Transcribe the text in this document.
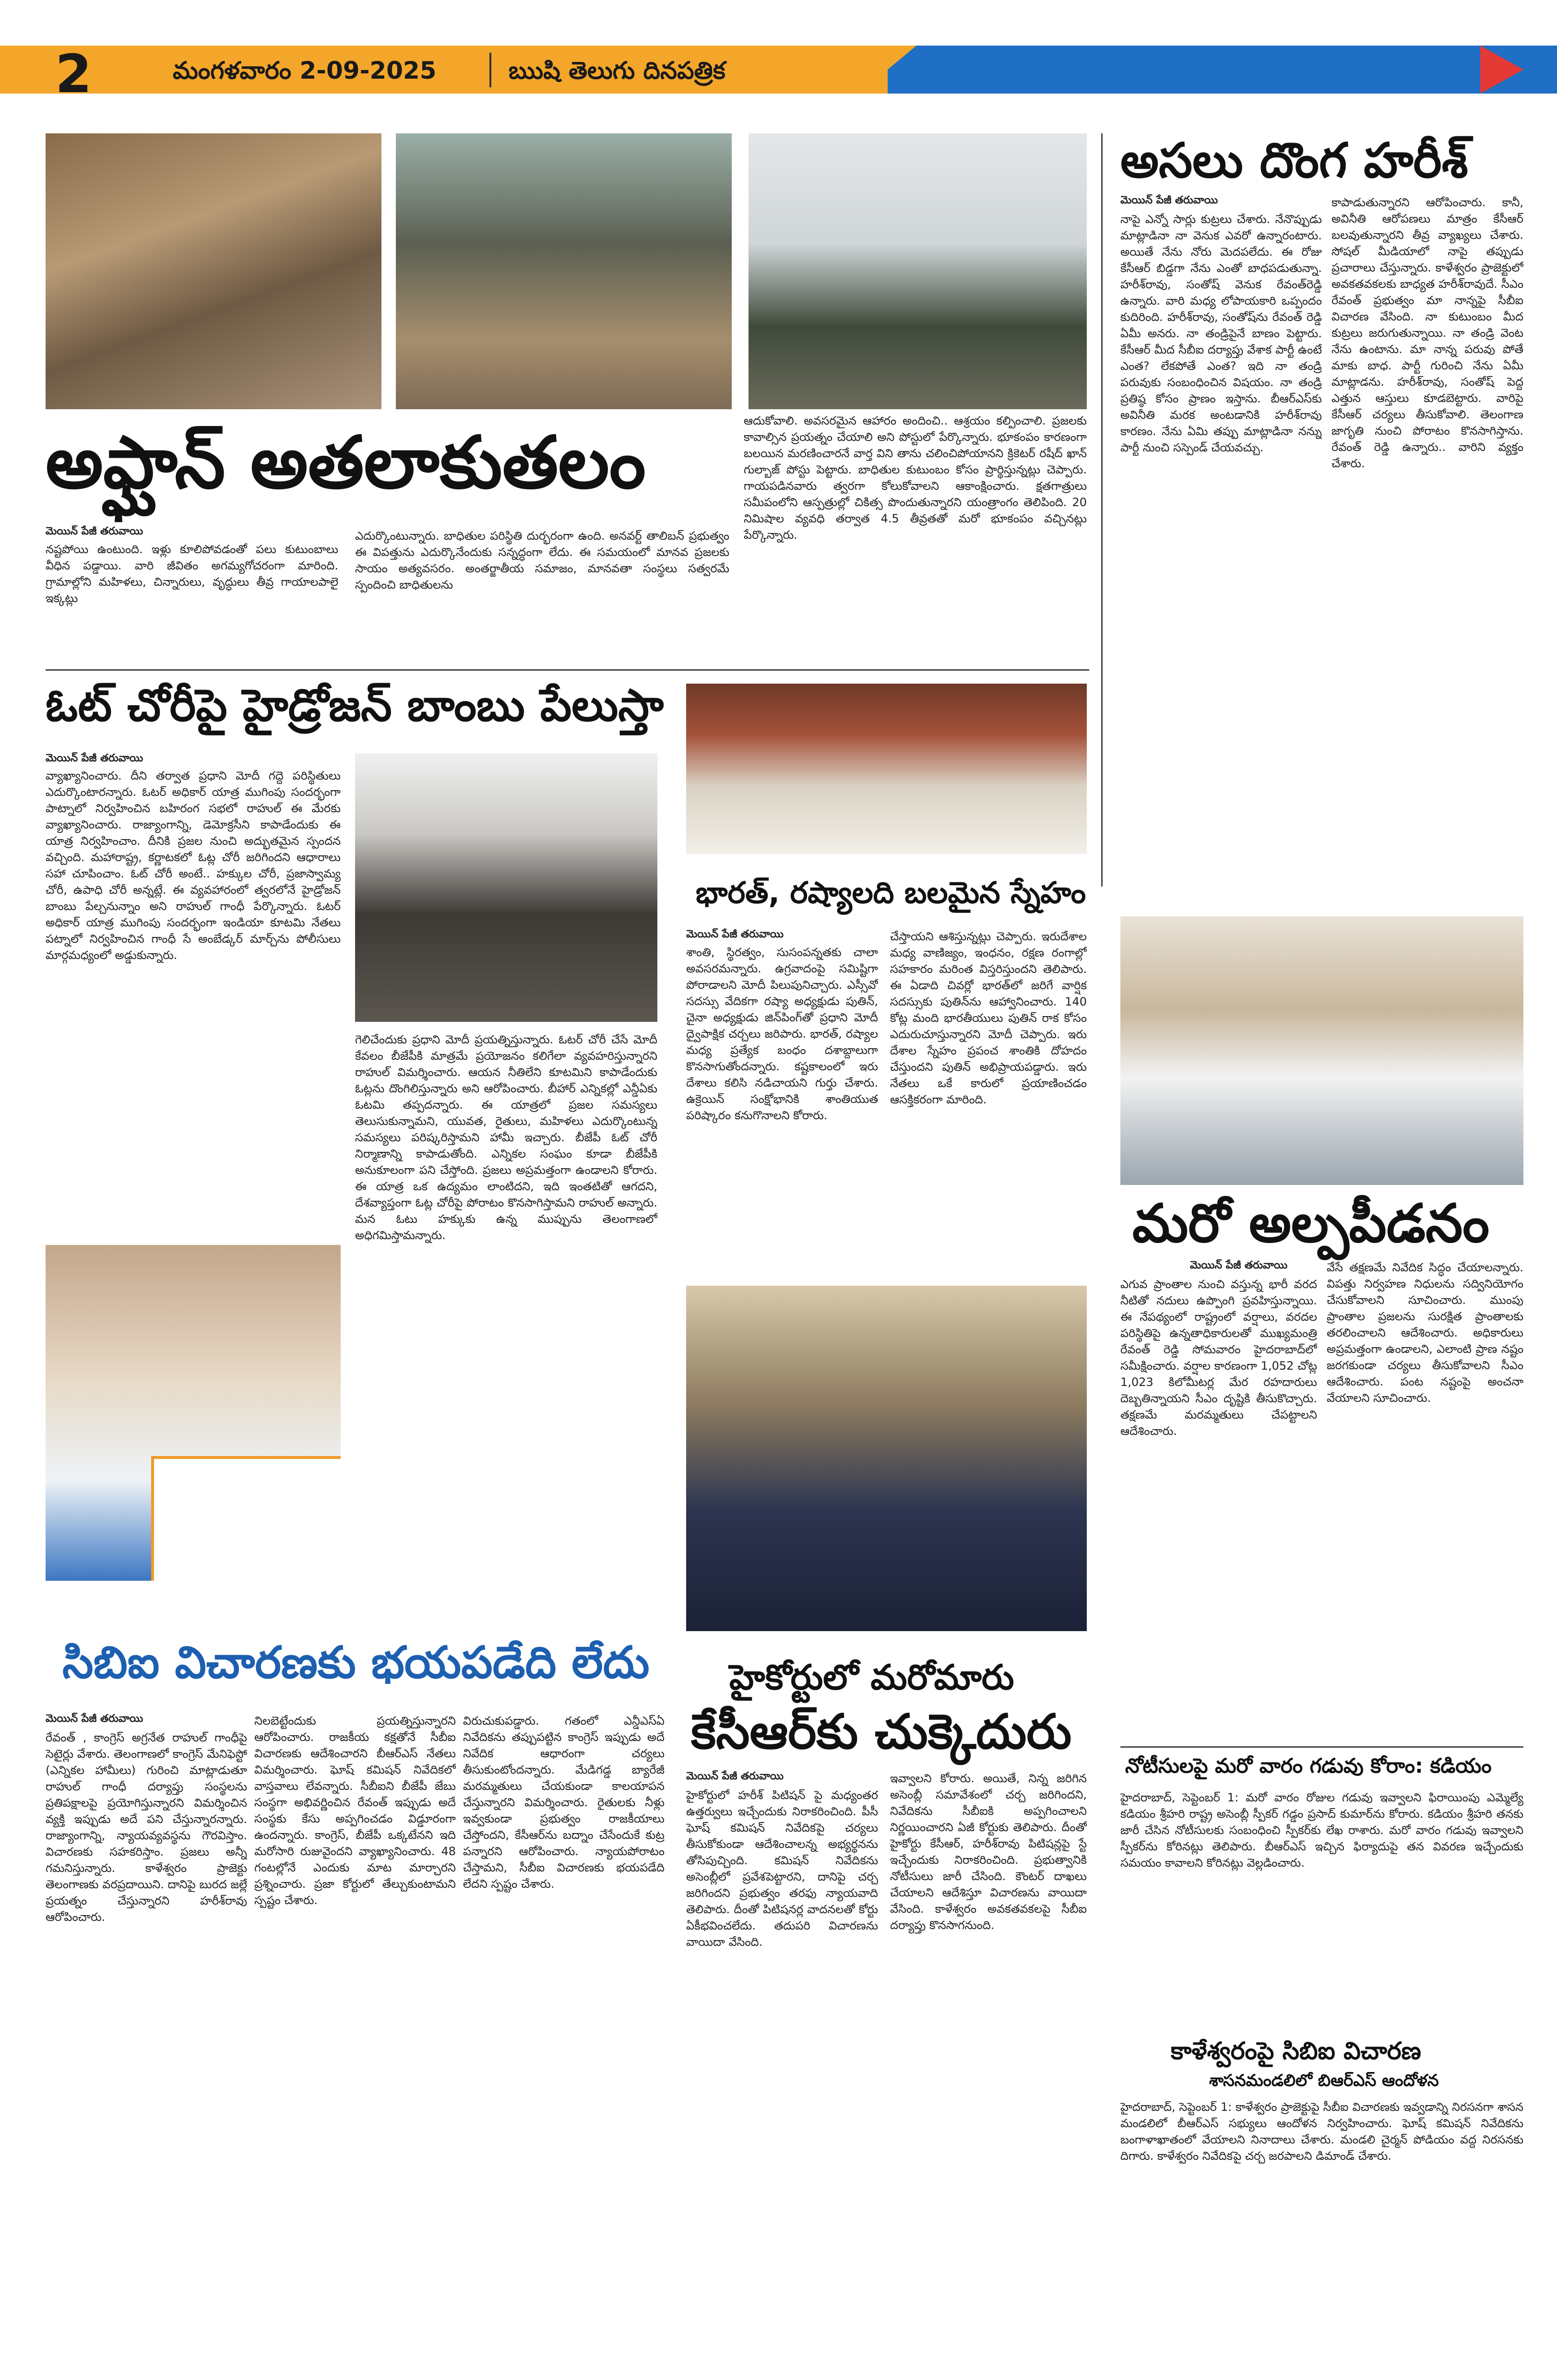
2	మంగళవారం 2-09-2025	ఋషి తెలుగు దినపత్రిక
అఫ్ఘాన్ అతలాకుతలం
మెయిన్ పేజీ తరువాయి
నష్టపోయి ఉంటుంది. ఇళ్లు కూలిపోవడంతో పలు కుటుంబాలు వీధిన పడ్డాయి. వారి జీవితం అగమ్యగోచరంగా మారింది. గ్రామాల్లోని మహిళలు, చిన్నారులు, వృద్ధులు తీవ్ర గాయాలపాలై ఇక్కట్లు
ఎదుర్కొంటున్నారు. బాధితుల పరిస్థితి దుర్భరంగా ఉంది. అనవర్ట్ తాలిబన్ ప్రభుత్వం ఈ విపత్తును ఎదుర్కొనేందుకు సన్నద్ధంగా లేదు. ఈ సమయంలో మానవ ప్రజలకు సాయం అత్యవసరం. అంతర్జాతీయ సమాజం, మానవతా సంస్థలు సత్వరమే స్పందించి బాధితులను
ఆదుకోవాలి. అవసరమైన ఆహారం అందించి.. ఆశ్రయం కల్పించాలి. ప్రజలకు కావాల్సిన ప్రయత్నం చేయాలి అని పోస్టులో పేర్కొన్నారు. భూకంపం కారణంగా బలయిన మరణించారనే వార్త విని తాను చలించిపోయానని క్రికెటర్ రషీద్ ఖాన్ గుల్బాజ్ పోస్టు పెట్టారు. బాధితుల కుటుంబం కోసం ప్రార్థిస్తున్నట్లు చెప్పారు. గాయపడినవారు త్వరగా కోలుకోవాలని ఆకాంక్షించారు. క్షతగాత్రులు సమీపంలోని ఆస్పత్రుల్లో చికిత్స పొందుతున్నారని యంత్రాంగం తెలిపింది. 20 నిమిషాల వ్యవధి తర్వాత 4.5 తీవ్రతతో మరో భూకంపం వచ్చినట్లు పేర్కొన్నారు.
అసలు దొంగ హరీశ్
మెయిన్ పేజీ తరువాయి
నాపై ఎన్నో సార్లు కుట్రలు చేశారు. నేనొప్పుడు మాట్లాడినా నా వెనుక ఎవరో ఉన్నారంటారు. అయితే నేను నోరు మెదపలేదు. ఈ రోజు కేసీఆర్ బిడ్డగా నేను ఎంతో బాధపడుతున్నా. హరీశ్‌రావు, సంతోష్ వెనుక రేవంత్‌రెడ్డి ఉన్నారు. వారి మధ్య లోపాయకారి ఒప్పందం కుదిరింది. హరీశ్‌రావు, సంతోష్‌ను రేవంత్ రెడ్డి ఏమీ అనరు. నా తండ్రిపైనే బాణం పెట్టారు. కేసీఆర్ మీద సీబీఐ దర్యాప్తు వేశాక పార్టీ ఉంటే ఎంత? లేకపోతే ఎంత? ఇది నా తండ్రి పరువుకు సంబంధించిన విషయం. నా తండ్రి ప్రతిష్ఠ కోసం ప్రాణం ఇస్తాను. బీఆర్ఎస్‌కు అవినీతి మరక అంటడానికి హరీశ్‌రావు కారణం. నేను ఏమి తప్పు మాట్లాడినా నన్ను పార్టీ నుంచి సస్పెండ్ చేయవచ్చు.
కాపాడుతున్నారని ఆరోపించారు. కానీ, అవినీతి ఆరోపణలు మాత్రం కేసీఆర్ బలవుతున్నారని తీవ్ర వ్యాఖ్యలు చేశారు. సోషల్ మీడియాలో నాపై తప్పుడు ప్రచారాలు చేస్తున్నారు. కాళేశ్వరం ప్రాజెక్టులో అవకతవకలకు బాధ్యత హరీశ్‌రావుదే. సీఎం రేవంత్ ప్రభుత్వం మా నాన్నపై సీబీఐ విచారణ వేసింది. నా కుటుంబం మీద కుట్రలు జరుగుతున్నాయి. నా తండ్రి వెంట నేను ఉంటాను. మా నాన్న పరువు పోతే మాకు బాధ. పార్టీ గురించి నేను ఏమీ మాట్లాడను. హరీశ్‌రావు, సంతోష్ పెద్ద ఎత్తున ఆస్తులు కూడబెట్టారు. వారిపై కేసీఆర్ చర్యలు తీసుకోవాలి. తెలంగాణ జాగృతి నుంచి పోరాటం కొనసాగిస్తాను. రేవంత్ రెడ్డి ఉన్నారు.. వారిని వ్యక్తం చేశారు.
ఓట్ చోరీపై హైడ్రోజన్ బాంబు పేలుస్తా
మెయిన్ పేజీ తరువాయి
వ్యాఖ్యానించారు. దీని తర్వాత ప్రధాని మోదీ గద్దె పరిస్థితులు ఎదుర్కొంటారన్నారు. ఓటర్ అధికార్ యాత్ర ముగింపు సందర్భంగా పాట్నాలో నిర్వహించిన బహిరంగ సభలో రాహుల్ ఈ మేరకు వ్యాఖ్యానించారు. రాజ్యాంగాన్ని, డెమోక్రసీని కాపాడేందుకు ఈ యాత్ర నిర్వహించాం. దీనికి ప్రజల నుంచి అద్భుతమైన స్పందన వచ్చింది. మహారాష్ట్ర, కర్ణాటకలో ఓట్ల చోరీ జరిగిందని ఆధారాలు సహా చూపించాం. ఓట్ చోరీ అంటే.. హక్కుల చోరీ, ప్రజాస్వామ్య చోరీ, ఉపాధి చోరీ అన్నట్లే. ఈ వ్యవహారంలో త్వరలోనే హైడ్రోజన్ బాంబు పేల్చనున్నాం అని రాహుల్ గాంధీ పేర్కొన్నారు. ఓటర్ అధికార్ యాత్ర ముగింపు సందర్భంగా ఇండియా కూటమి నేతలు పట్నాలో నిర్వహించిన గాంధీ సే అంబేడ్కర్ మార్చ్‌ను పోలీసులు మార్గమధ్యంలో అడ్డుకున్నారు.
గెలిచేందుకు ప్రధాని మోదీ ప్రయత్నిస్తున్నారు. ఓటర్ చోరీ చేసే మోదీ కేవలం బీజేపీకి మాత్రమే ప్రయోజనం కలిగేలా వ్యవహరిస్తున్నారని రాహుల్ విమర్శించారు. ఆయన నీతిలేని కూటమిని కాపాడేందుకు ఓట్లను దొంగిలిస్తున్నారు అని ఆరోపించారు. బీహార్ ఎన్నికల్లో ఎన్డీఏకు ఓటమి తప్పదన్నారు. ఈ యాత్రలో ప్రజల సమస్యలు తెలుసుకున్నామని, యువత, రైతులు, మహిళలు ఎదుర్కొంటున్న సమస్యలు పరిష్కరిస్తామని హామీ ఇచ్చారు. బీజేపీ ఓట్ చోరీ నిర్మాణాన్ని కాపాడుతోంది. ఎన్నికల సంఘం కూడా బీజేపీకి అనుకూలంగా పని చేస్తోంది. ప్రజలు అప్రమత్తంగా ఉండాలని కోరారు. ఈ యాత్ర ఒక ఉద్యమం లాంటిదని, ఇది ఇంతటితో ఆగదని, దేశవ్యాప్తంగా ఓట్ల చోరీపై పోరాటం కొనసాగిస్తామని రాహుల్ అన్నారు. మన ఓటు హక్కుకు ఉన్న ముప్పును తెలంగాణలో అధిగమిస్తామన్నారు.
భారత్, రష్యాలది బలమైన స్నేహం
మెయిన్ పేజీ తరువాయి
శాంతి, స్థిరత్వం, సుసంపన్నతకు చాలా అవసరమన్నారు. ఉగ్రవాదంపై సమిష్టిగా పోరాడాలని మోదీ పిలుపునిచ్చారు. ఎస్సీవో సదస్సు వేదికగా రష్యా అధ్యక్షుడు పుతిన్, చైనా అధ్యక్షుడు జిన్‌పింగ్‌తో ప్రధాని మోదీ ద్వైపాక్షిక చర్చలు జరిపారు. భారత్, రష్యాల మధ్య ప్రత్యేక బంధం దశాబ్దాలుగా కొనసాగుతోందన్నారు. కష్టకాలంలో ఇరు దేశాలు కలిసి నడిచాయని గుర్తు చేశారు. ఉక్రెయిన్ సంక్షోభానికి శాంతియుత పరిష్కారం కనుగొనాలని కోరారు.
చేస్తాయని ఆశిస్తున్నట్లు చెప్పారు. ఇరుదేశాల మధ్య వాణిజ్యం, ఇంధనం, రక్షణ రంగాల్లో సహకారం మరింత విస్తరిస్తుందని తెలిపారు. ఈ ఏడాది చివర్లో భారత్‌లో జరిగే వార్షిక సదస్సుకు పుతిన్‌ను ఆహ్వానించారు. 140 కోట్ల మంది భారతీయులు పుతిన్ రాక కోసం ఎదురుచూస్తున్నారని మోదీ చెప్పారు. ఇరు దేశాల స్నేహం ప్రపంచ శాంతికి దోహదం చేస్తుందని పుతిన్ అభిప్రాయపడ్డారు. ఇరు నేతలు ఒకే కారులో ప్రయాణించడం ఆసక్తికరంగా మారింది.
మరో అల్పపీడనం
మెయిన్ పేజీ తరువాయి
ఎగువ ప్రాంతాల నుంచి వస్తున్న భారీ వరద నీటితో నదులు ఉప్పొంగి ప్రవహిస్తున్నాయి. ఈ నేపథ్యంలో రాష్ట్రంలో వర్షాలు, వరదల పరిస్థితిపై ఉన్నతాధికారులతో ముఖ్యమంత్రి రేవంత్ రెడ్డి సోమవారం హైదరాబాద్‌లో సమీక్షించారు. వర్షాల కారణంగా 1,052 చోట్ల 1,023 కిలోమీటర్ల మేర రహదారులు దెబ్బతిన్నాయని సీఎం దృష్టికి తీసుకొచ్చారు. తక్షణమే మరమ్మతులు చేపట్టాలని ఆదేశించారు.
వేసే తక్షణమే నివేదిక సిద్ధం చేయాలన్నారు. విపత్తు నిర్వహణ నిధులను సద్వినియోగం చేసుకోవాలని సూచించారు. ముంపు ప్రాంతాల ప్రజలను సురక్షిత ప్రాంతాలకు తరలించాలని ఆదేశించారు. అధికారులు అప్రమత్తంగా ఉండాలని, ఎలాంటి ప్రాణ నష్టం జరగకుండా చర్యలు తీసుకోవాలని సీఎం ఆదేశించారు. పంట నష్టంపై అంచనా వేయాలని సూచించారు.
నోటీసులపై మరో వారం గడువు కోరాం: కడియం
హైదరాబాద్, సెప్టెంబర్ 1: మరో వారం రోజుల గడువు ఇవ్వాలని ఫిరాయింపు ఎమ్మెల్యే కడియం శ్రీహరి రాష్ట్ర అసెంబ్లీ స్పీకర్ గడ్డం ప్రసాద్ కుమార్‌ను కోరారు. కడియం శ్రీహరి తనకు జారీ చేసిన నోటీసులకు సంబంధించి స్పీకర్‌కు లేఖ రాశారు. మరో వారం గడువు ఇవ్వాలని స్పీకర్‌ను కోరినట్లు తెలిపారు. బీఆర్ఎస్ ఇచ్చిన ఫిర్యాదుపై తన వివరణ ఇచ్చేందుకు సమయం కావాలని కోరినట్లు వెల్లడించారు.
కాళేశ్వరంపై సిబిఐ విచారణ
శాసనమండలిలో బిఆర్ఎస్ ఆందోళన
హైదరాబాద్, సెప్టెంబర్ 1: కాళేశ్వరం ప్రాజెక్టుపై సీబీఐ విచారణకు ఇవ్వడాన్ని నిరసనగా శాసన మండలిలో బీఆర్ఎస్ సభ్యులు ఆందోళన నిర్వహించారు. ఘోష్ కమిషన్ నివేదికను బంగాళాఖాతంలో వేయాలని నినాదాలు చేశారు. మండలి చైర్మన్ పోడియం వద్ద నిరసనకు దిగారు. కాళేశ్వరం నివేదికపై చర్చ జరపాలని డిమాండ్ చేశారు.
సిబిఐ విచారణకు భయపడేది లేదు
మెయిన్ పేజీ తరువాయి
రేవంత్ , కాంగ్రెస్ అగ్రనేత రాహుల్ గాంధీపై సెటైర్లు వేశారు. తెలంగాణలో కాంగ్రెస్ మేనిఫెస్టో (ఎన్నికల హామీలు) గురించి మాట్లాడుతూ రాహుల్ గాంధీ దర్యాప్తు సంస్థలను ప్రతిపక్షాలపై ప్రయోగిస్తున్నారని విమర్శించిన వ్యక్తి ఇప్పుడు అదే పని చేస్తున్నారన్నారు. రాజ్యాంగాన్ని, న్యాయవ్యవస్థను గౌరవిస్తాం. విచారణకు సహకరిస్తాం. ప్రజలు అన్నీ గమనిస్తున్నారు. కాళేశ్వరం ప్రాజెక్టు తెలంగాణకు వరప్రదాయిని. దానిపై బురద జల్లే ప్రయత్నం చేస్తున్నారని హరీశ్‌రావు ఆరోపించారు.
నిలబెట్టేందుకు ప్రయత్నిస్తున్నారని ఆరోపించారు. రాజకీయ కక్షతోనే సీబీఐ విచారణకు ఆదేశించారని బీఆర్ఎస్ నేతలు విమర్శించారు. ఘోష్ కమిషన్ నివేదికలో వాస్తవాలు లేవన్నారు. సీబీఐని బీజేపీ జేబు సంస్థగా అభివర్ణించిన రేవంత్ ఇప్పుడు అదే సంస్థకు కేసు అప్పగించడం విడ్డూరంగా ఉందన్నారు. కాంగ్రెస్, బీజేపీ ఒక్కటేనని ఇది మరోసారి రుజువైందని వ్యాఖ్యానించారు. 48 గంటల్లోనే ఎందుకు మాట మార్చారని ప్రశ్నించారు. ప్రజా కోర్టులో తేల్చుకుంటామని స్పష్టం చేశారు.
విరుచుకుపడ్డారు. గతంలో ఎన్డీఎస్ఏ నివేదికను తప్పుపట్టిన కాంగ్రెస్ ఇప్పుడు అదే నివేదిక ఆధారంగా చర్యలు తీసుకుంటోందన్నారు. మేడిగడ్డ బ్యారేజీ మరమ్మతులు చేయకుండా కాలయాపన చేస్తున్నారని విమర్శించారు. రైతులకు నీళ్లు ఇవ్వకుండా ప్రభుత్వం రాజకీయాలు చేస్తోందని, కేసీఆర్‌ను బద్నాం చేసేందుకే కుట్ర పన్నారని ఆరోపించారు. న్యాయపోరాటం చేస్తామని, సీబీఐ విచారణకు భయపడేది లేదని స్పష్టం చేశారు.
హైకోర్టులో మరోమారు
కేసీఆర్‌కు చుక్కెదురు
మెయిన్ పేజీ తరువాయి
హైకోర్టులో హరీశ్ పిటిషన్ పై మధ్యంతర ఉత్తర్వులు ఇచ్చేందుకు నిరాకరించింది. పీసీ ఘోష్ కమిషన్ నివేదికపై చర్యలు తీసుకోకుండా ఆదేశించాలన్న అభ్యర్థనను తోసిపుచ్చింది. కమిషన్ నివేదికను అసెంబ్లీలో ప్రవేశపెట్టారని, దానిపై చర్చ జరిగిందని ప్రభుత్వం తరఫు న్యాయవాది తెలిపారు. దీంతో పిటిషనర్ల వాదనలతో కోర్టు ఏకీభవించలేదు. తదుపరి విచారణను వాయిదా వేసింది.
ఇవ్వాలని కోరారు. అయితే, నిన్న జరిగిన అసెంబ్లీ సమావేశంలో చర్చ జరిగిందని, నివేదికను సీబీఐకి అప్పగించాలని నిర్ణయించారని ఏజీ కోర్టుకు తెలిపారు. దీంతో హైకోర్టు కేసీఆర్, హరీశ్‌రావు పిటిషన్లపై స్టే ఇచ్చేందుకు నిరాకరించింది. ప్రభుత్వానికి నోటీసులు జారీ చేసింది. కౌంటర్ దాఖలు చేయాలని ఆదేశిస్తూ విచారణను వాయిదా వేసింది. కాళేశ్వరం అవకతవకలపై సీబీఐ దర్యాప్తు కొనసాగనుంది.
